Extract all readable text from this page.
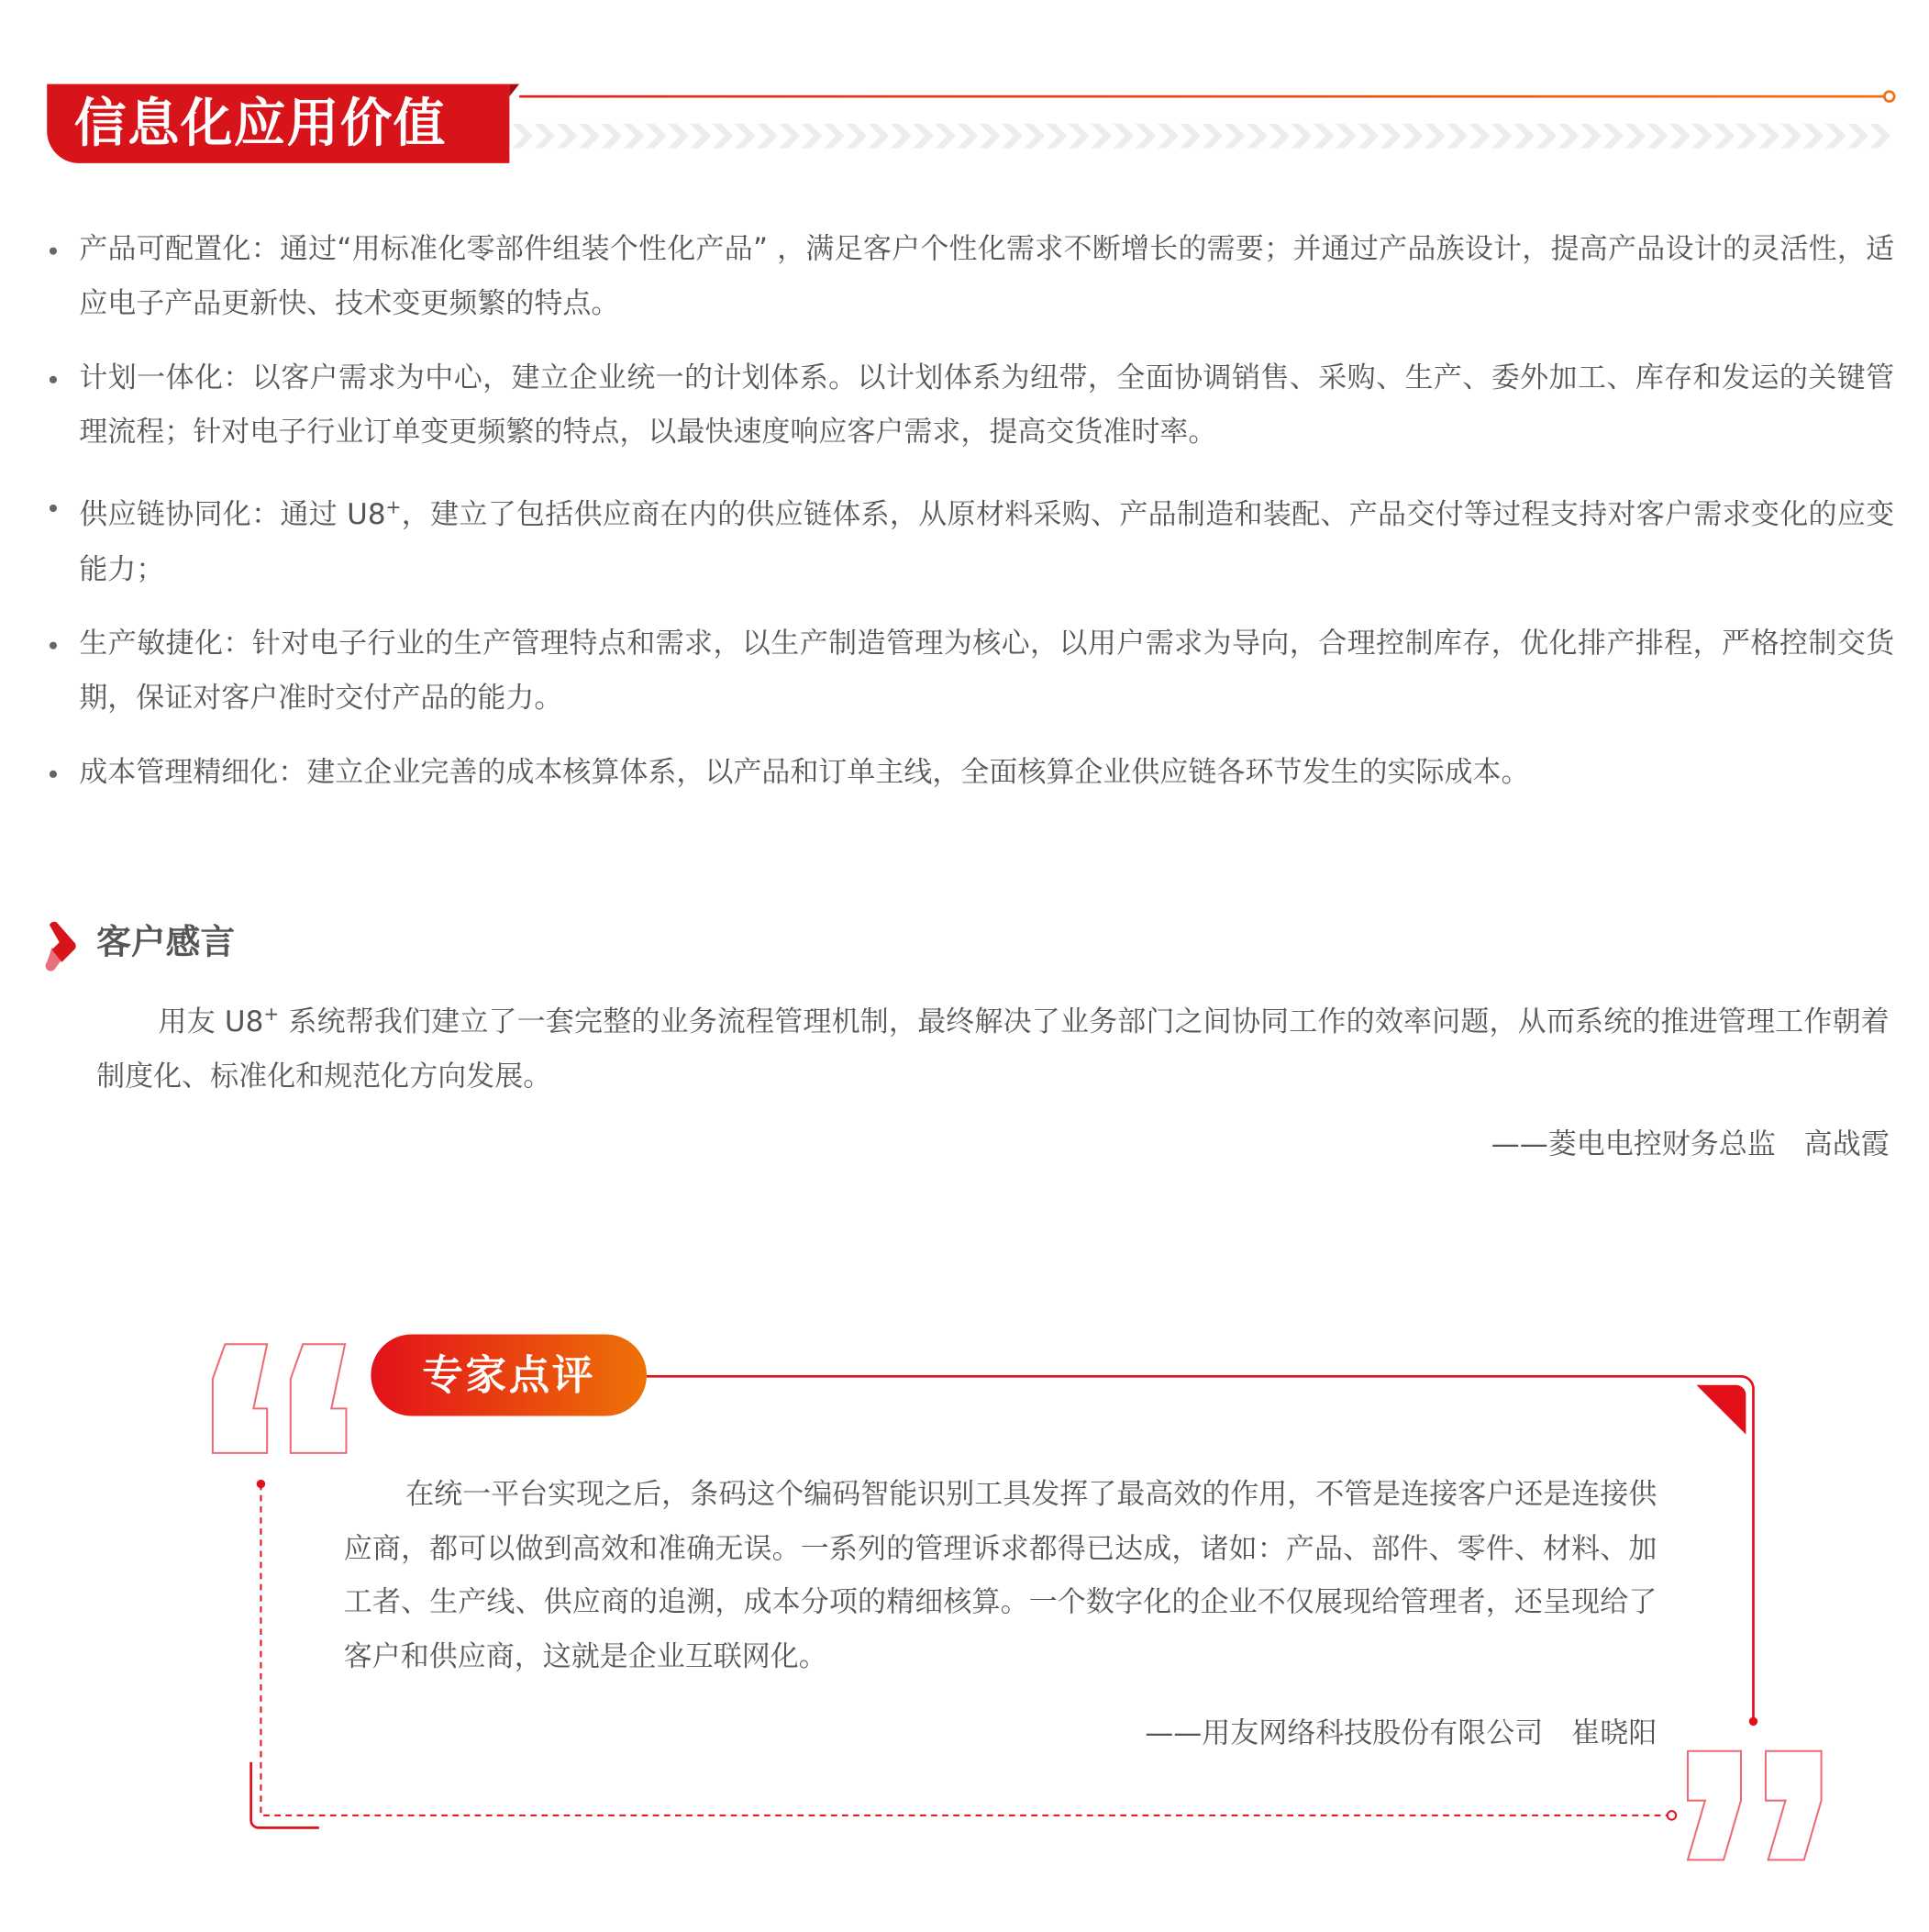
信息化应用价值
产品可配置化：通过“用标准化零部件组装个性化产品” ，满足客户个性化需求不断增长的需要；并通过产品族设计，提高产品设计的灵活性，适应电子产品更新快、技术变更频繁的特点。
计划一体化：以客户需求为中心，建立企业统一的计划体系。以计划体系为纽带，全面协调销售、采购、生产、委外加工、库存和发运的关键管理流程；针对电子行业订单变更频繁的特点，以最快速度响应客户需求，提高交货准时率。
供应链协同化：通过 U8+，建立了包括供应商在内的供应链体系，从原材料采购、产品制造和装配、产品交付等过程支持对客户需求变化的应变能力；
生产敏捷化：针对电子行业的生产管理特点和需求，以生产制造管理为核心，以用户需求为导向，合理控制库存，优化排产排程，严格控制交货期，保证对客户准时交付产品的能力。
成本管理精细化：建立企业完善的成本核算体系，以产品和订单主线，全面核算企业供应链各环节发生的实际成本。
客户感言

用友 U8+ 系统帮我们建立了一套完整的业务流程管理机制，最终解决了业务部门之间协同工作的效率问题，从而系统的推进管理工作朝着制度化、标准化和规范化方向发展。

——菱电电控财务总监　高战霞
专家点评

在统一平台实现之后，条码这个编码智能识别工具发挥了最高效的作用，不管是连接客户还是连接供应商，都可以做到高效和准确无误。一系列的管理诉求都得已达成，诸如：产品、部件、零件、材料、加工者、生产线、供应商的追溯，成本分项的精细核算。一个数字化的企业不仅展现给管理者，还呈现给了客户和供应商，这就是企业互联网化。

——用友网络科技股份有限公司　崔晓阳
